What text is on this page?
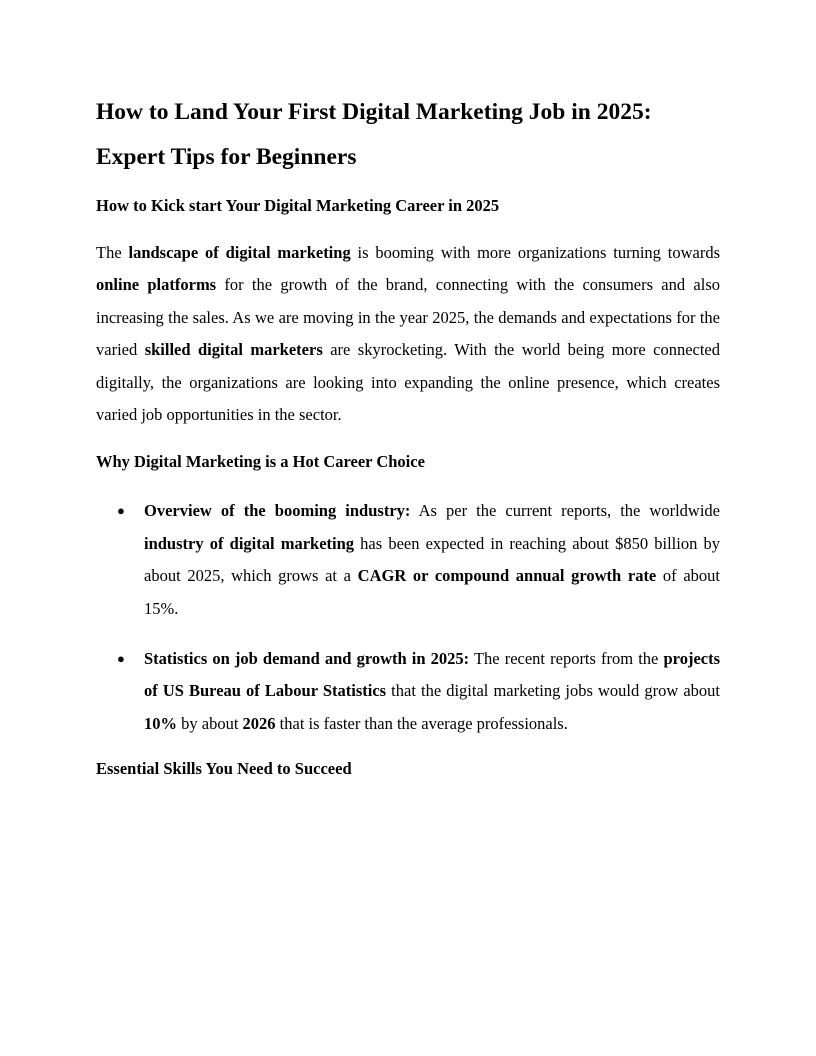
How to Land Your First Digital Marketing Job in 2025: Expert Tips for Beginners
How to Kick start Your Digital Marketing Career in 2025

The landscape of digital marketing is booming with more organizations turning towards online platforms for the growth of the brand, connecting with the consumers and also increasing the sales. As we are moving in the year 2025, the demands and expectations for the varied skilled digital marketers are skyrocketing. With the world being more connected digitally, the organizations are looking into expanding the online presence, which creates varied job opportunities in the sector.

Why Digital Marketing is a Hot Career Choice
● Overview of the booming industry: As per the current reports, the worldwide industry of digital marketing has been expected in reaching about $850 billion by about 2025, which grows at a CAGR or compound annual growth rate of about 15%.
● Statistics on job demand and growth in 2025: The recent reports from the projects of US Bureau of Labour Statistics that the digital marketing jobs would grow about 10% by about 2026 that is faster than the average professionals.
Essential Skills You Need to Succeed
